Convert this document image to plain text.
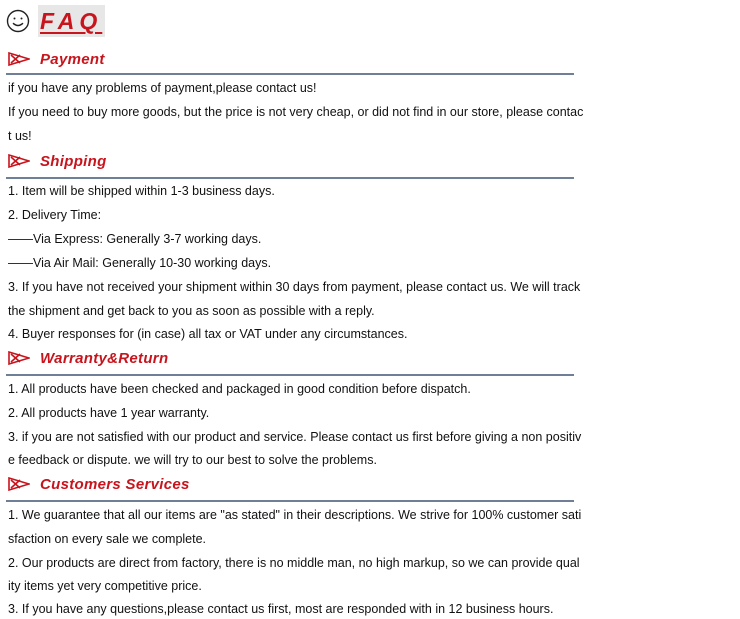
FAQ
Payment
if you have any problems of payment,please contact us!
If you need to buy more goods, but the price is not very cheap, or did not find in our store, please contac
t us!
Shipping
1. Item will be shipped within 1-3 business days.
2. Delivery Time:
——Via Express: Generally 3-7 working days.
——Via Air Mail: Generally 10-30 working days.
3. If you have not received your shipment within 30 days from payment, please contact us. We will track
the shipment and get back to you as soon as possible with a reply.
4. Buyer responses for (in case) all tax or VAT under any circumstances.
Warranty&Return
1. All products have been checked and packaged in good condition before dispatch.
2. All products have 1 year warranty.
3. if you are not satisfied with our product and service. Please contact us first before giving a non positiv
e feedback or dispute. we will try to our best to solve the problems.
Customers Services
1. We guarantee that all our items are "as stated" in their descriptions. We strive for 100% customer sati
sfaction on every sale we complete.
2. Our products are direct from factory, there is no middle man, no high markup, so we can provide qual
ity items yet very competitive price.
3. If you have any questions,please contact us first, most are responded with in 12 business hours.
